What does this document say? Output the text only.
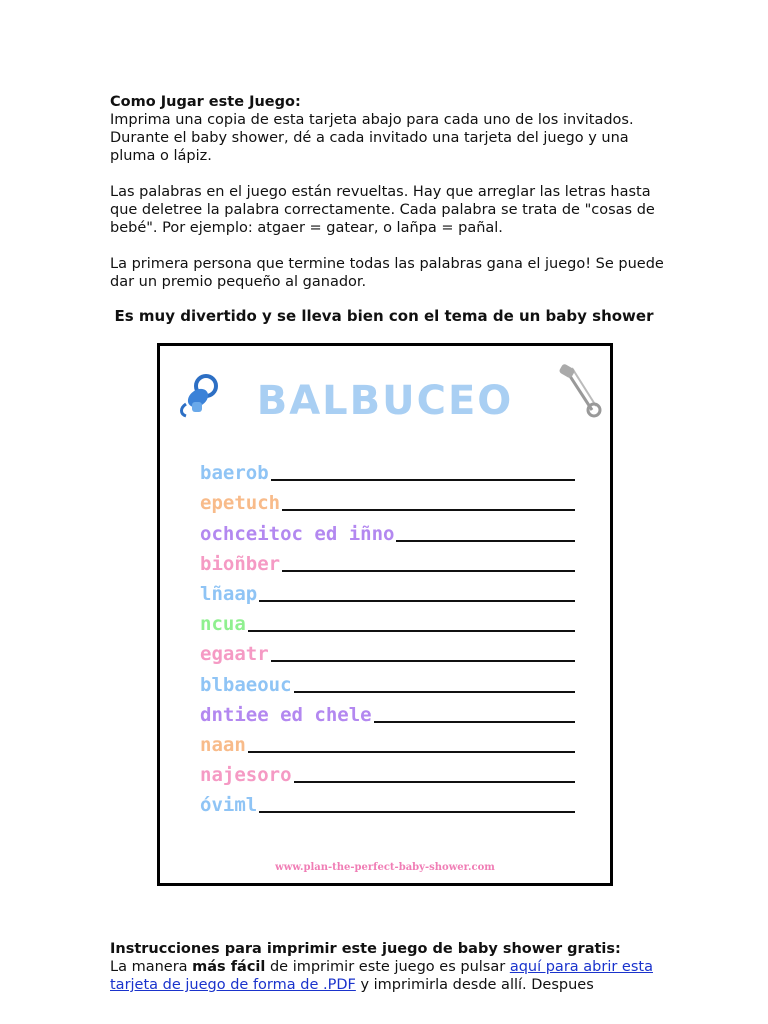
Como Jugar este Juego:
Imprima una copia de esta tarjeta abajo para cada uno de los invitados. Durante el baby shower, dé a cada invitado una tarjeta del juego y una pluma o lápiz.
Las palabras en el juego están revueltas. Hay que arreglar las letras hasta que deletree la palabra correctamente. Cada palabra se trata de "cosas de bebé". Por ejemplo: atgaer = gatear, o lañpa = pañal.
La primera persona que termine todas las palabras gana el juego! Se puede dar un premio pequeño al ganador.
Es muy divertido y se lleva bien con el tema de un baby shower
BALBUCEO
baerob
epetuch
ochceitoc ed iñno
bioñber
lñaap
ncua
egaatr
blbaeouc
dntiee ed chele
naan
najesoro
óviml
www.plan-the-perfect-baby-shower.com
Instrucciones para imprimir este juego de baby shower gratis:
La manera más fácil de imprimir este juego es pulsar aquí para abrir esta tarjeta de juego de forma de .PDF y imprimirla desde allí. Despues
